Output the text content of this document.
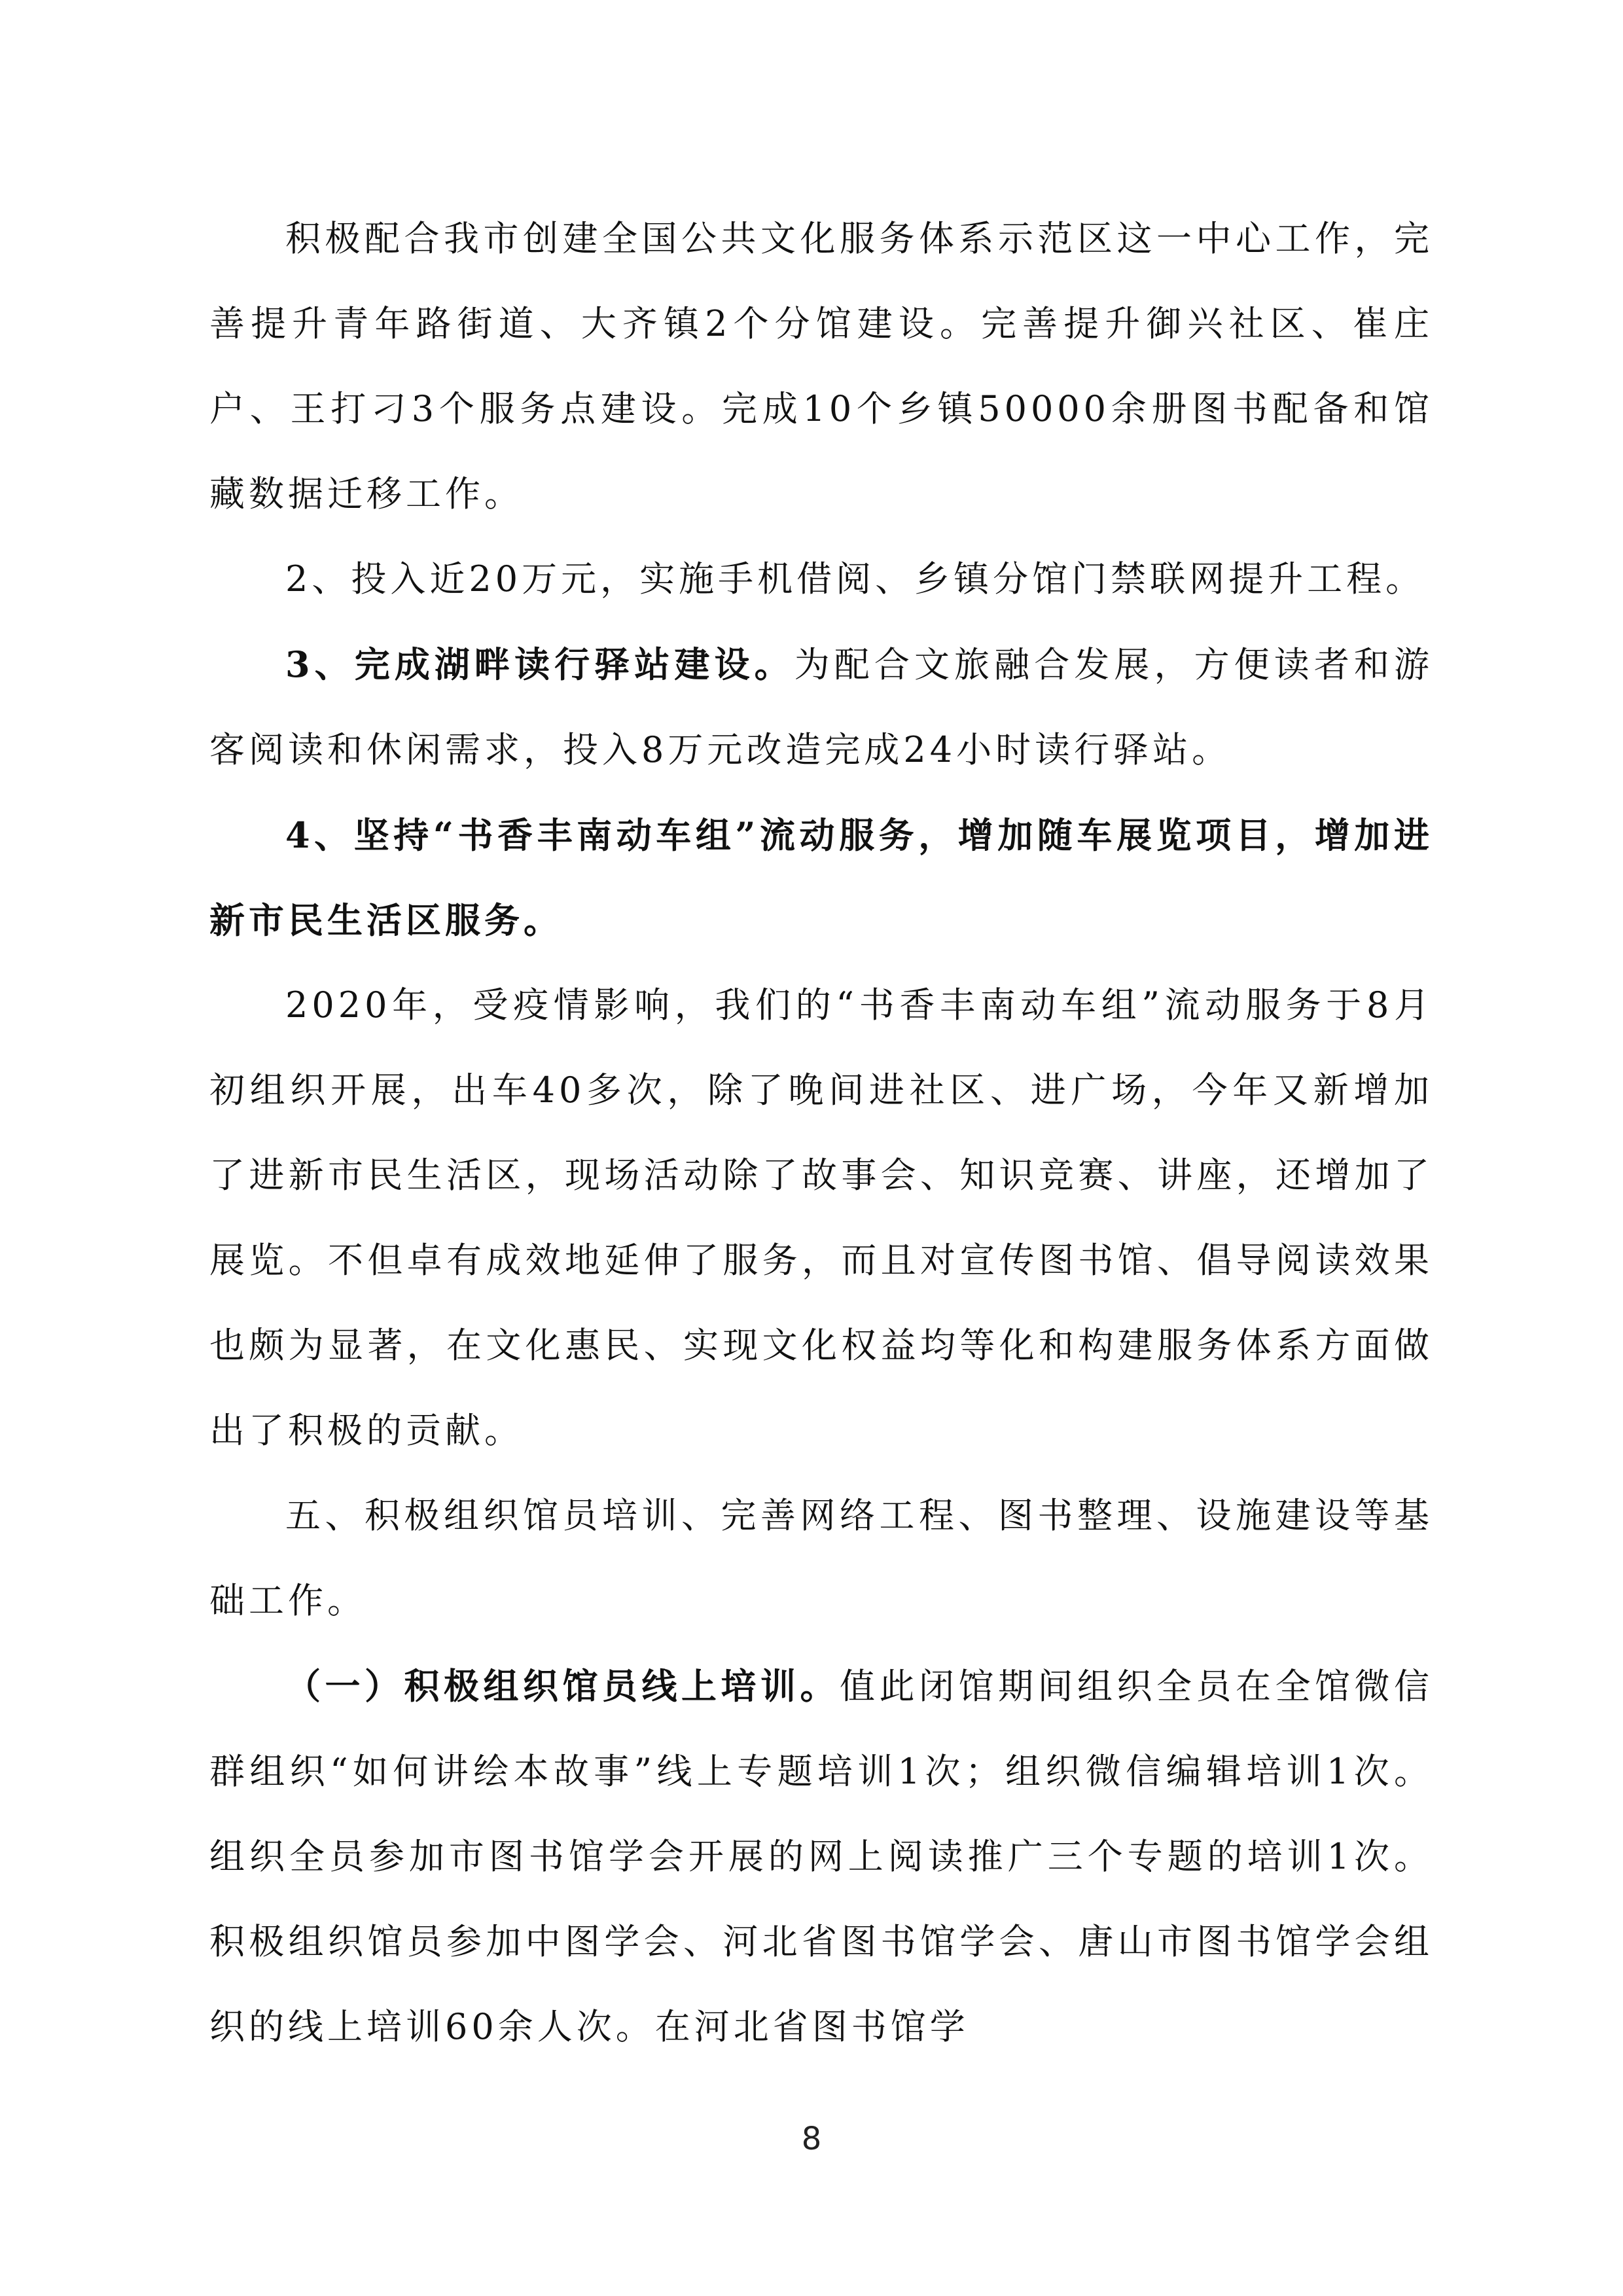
积极配合我市创建全国公共文化服务体系示范区这一中心工作，完善提升青年路街道、大齐镇2个分馆建设。完善提升御兴社区、崔庄户、王打刁3个服务点建设。完成10个乡镇50000余册图书配备和馆藏数据迁移工作。

2、投入近20万元，实施手机借阅、乡镇分馆门禁联网提升工程。

3、完成湖畔读行驿站建设。为配合文旅融合发展，方便读者和游客阅读和休闲需求，投入8万元改造完成24小时读行驿站。

4、坚持“书香丰南动车组”流动服务，增加随车展览项目，增加进新市民生活区服务。

2020年，受疫情影响，我们的“书香丰南动车组”流动服务于8月初组织开展，出车40多次，除了晚间进社区、进广场，今年又新增加了进新市民生活区，现场活动除了故事会、知识竞赛、讲座，还增加了展览。不但卓有成效地延伸了服务，而且对宣传图书馆、倡导阅读效果也颇为显著，在文化惠民、实现文化权益均等化和构建服务体系方面做出了积极的贡献。

五、积极组织馆员培训、完善网络工程、图书整理、设施建设等基础工作。

（一）积极组织馆员线上培训。值此闭馆期间组织全员在全馆微信群组织“如何讲绘本故事”线上专题培训1次；组织微信编辑培训1次。组织全员参加市图书馆学会开展的网上阅读推广三个专题的培训1次。积极组织馆员参加中图学会、河北省图书馆学会、唐山市图书馆学会组织的线上培训60余人次。在河北省图书馆学

8
